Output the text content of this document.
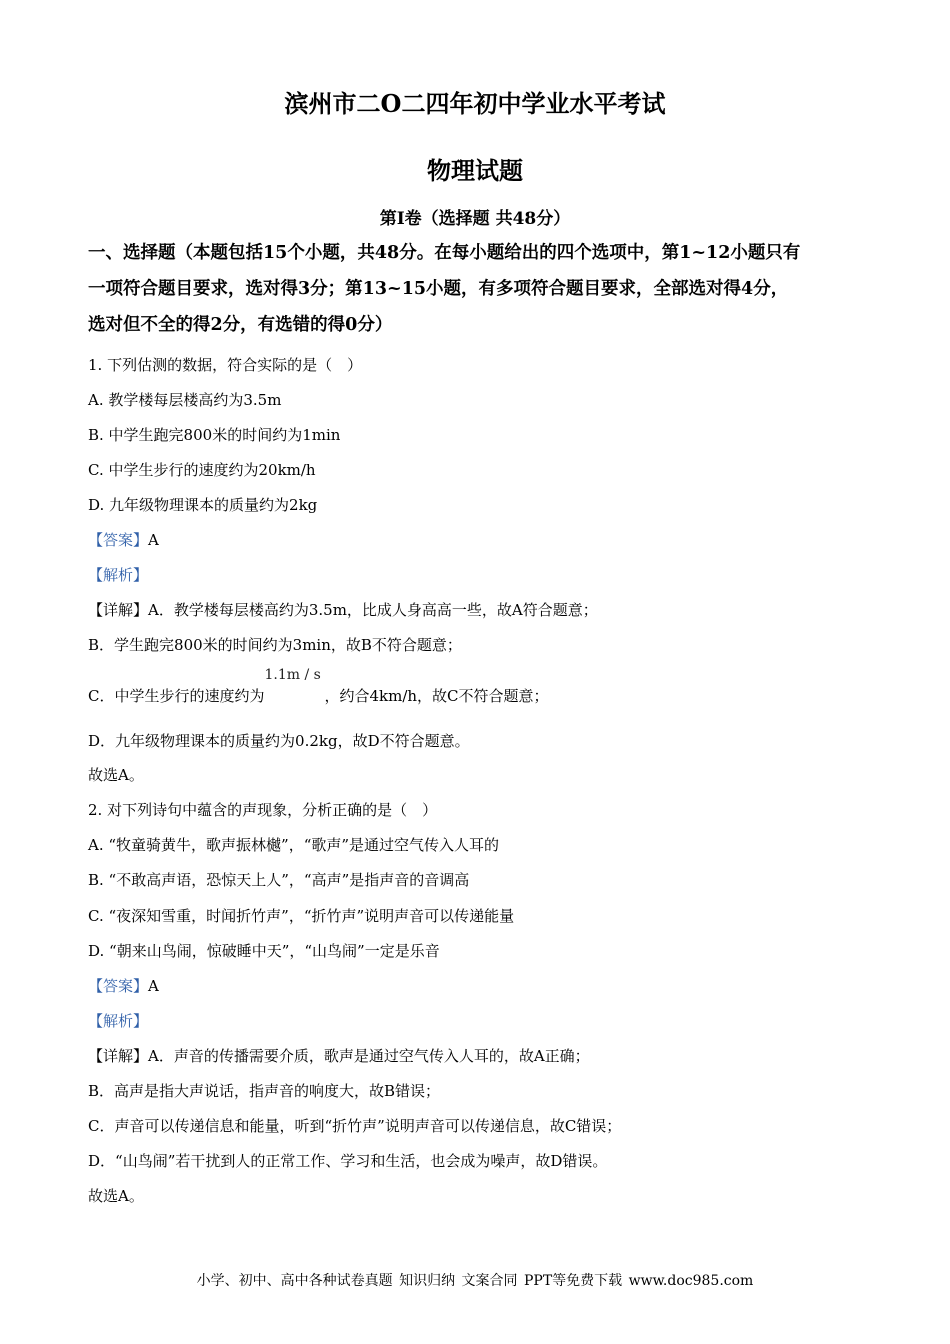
滨州市二O二四年初中学业水平考试
物理试题
第Ⅰ卷（选择题 共48分）
一、选择题（本题包括15个小题，共48分。在每小题给出的四个选项中，第1~12小题只有
一项符合题目要求，选对得3分；第13~15小题，有多项符合题目要求，全部选对得4分，
选对但不全的得2分，有选错的得0分）
1. 下列估测的数据，符合实际的是（　）
A. 教学楼每层楼高约为3.5m
B. 中学生跑完800米的时间约为1min
C. 中学生步行的速度约为20km/h
D. 九年级物理课本的质量约为2kg
【答案】A
【解析】
【详解】A．教学楼每层楼高约为3.5m，比成人身高高一些，故A符合题意；
B．学生跑完800米的时间约为3min，故B不符合题意；
C．中学生步行的速度约为
1.1m / s
，约合4km/h，故C不符合题意；
D．九年级物理课本的质量约为0.2kg，故D不符合题意。
故选A。
2. 对下列诗句中蕴含的声现象，分析正确的是（　）
A. “牧童骑黄牛，歌声振林樾”，“歌声”是通过空气传入人耳的
B. “不敢高声语，恐惊天上人”，“高声”是指声音的音调高
C. “夜深知雪重，时闻折竹声”，“折竹声”说明声音可以传递能量
D. “朝来山鸟闹，惊破睡中天”，“山鸟闹”一定是乐音
【答案】A
【解析】
【详解】A．声音的传播需要介质，歌声是通过空气传入人耳的，故A正确；
B．高声是指大声说话，指声音的响度大，故B错误；
C．声音可以传递信息和能量，听到“折竹声”说明声音可以传递信息，故C错误；
D．“山鸟闹”若干扰到人的正常工作、学习和生活，也会成为噪声，故D错误。
故选A。
小学、初中、高中各种试卷真题 知识归纳 文案合同 PPT等免费下载 www.doc985.com
